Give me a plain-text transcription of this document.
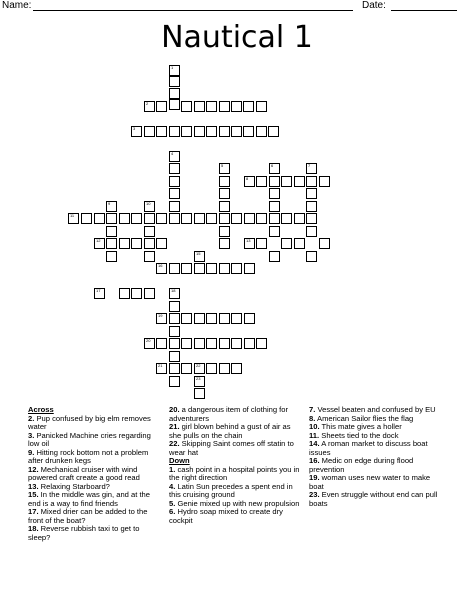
Name:	Date:
Nautical 1
1
2
3
4
5	6	7
8
11
9	10
12	13
15
16
17	18
19
20
21	22
23
Across
2. Pup confused by big elm removes water
3. Panicked Machine cries regarding low oil
9. Hitting rock bottom not a problem after drunken kegs
12. Mechanical cruiser with wind powered craft create a good read
13. Relaxing Starboard?
15. In the middle was gin, and at the end is a way to find friends
17. Mixed drier can be added to the front of the boat?
18. Reverse rubbish taxi to get to sleep?
20. a dangerous item of clothing for adventurers
21. girl blown behind a gust of air as she pulls on the chain
22. Skipping Saint comes off statin to wear hat
Down
1. cash point in a hospital points you in the right direction
4. Latin Sun precedes a spent end in this cruising ground
5. Genie mixed up with new propulsion
6. Hydro soap mixed to create dry cockpit
7. Vessel beaten and confused by EU
8. American Sailor flies the flag
10. This mate gives a holler
11. Sheets tied to the dock
14. A roman market to discuss boat issues
16. Medic on edge during flood prevention
19. woman uses new water to make boat
23. Even struggle without end can pull boats
